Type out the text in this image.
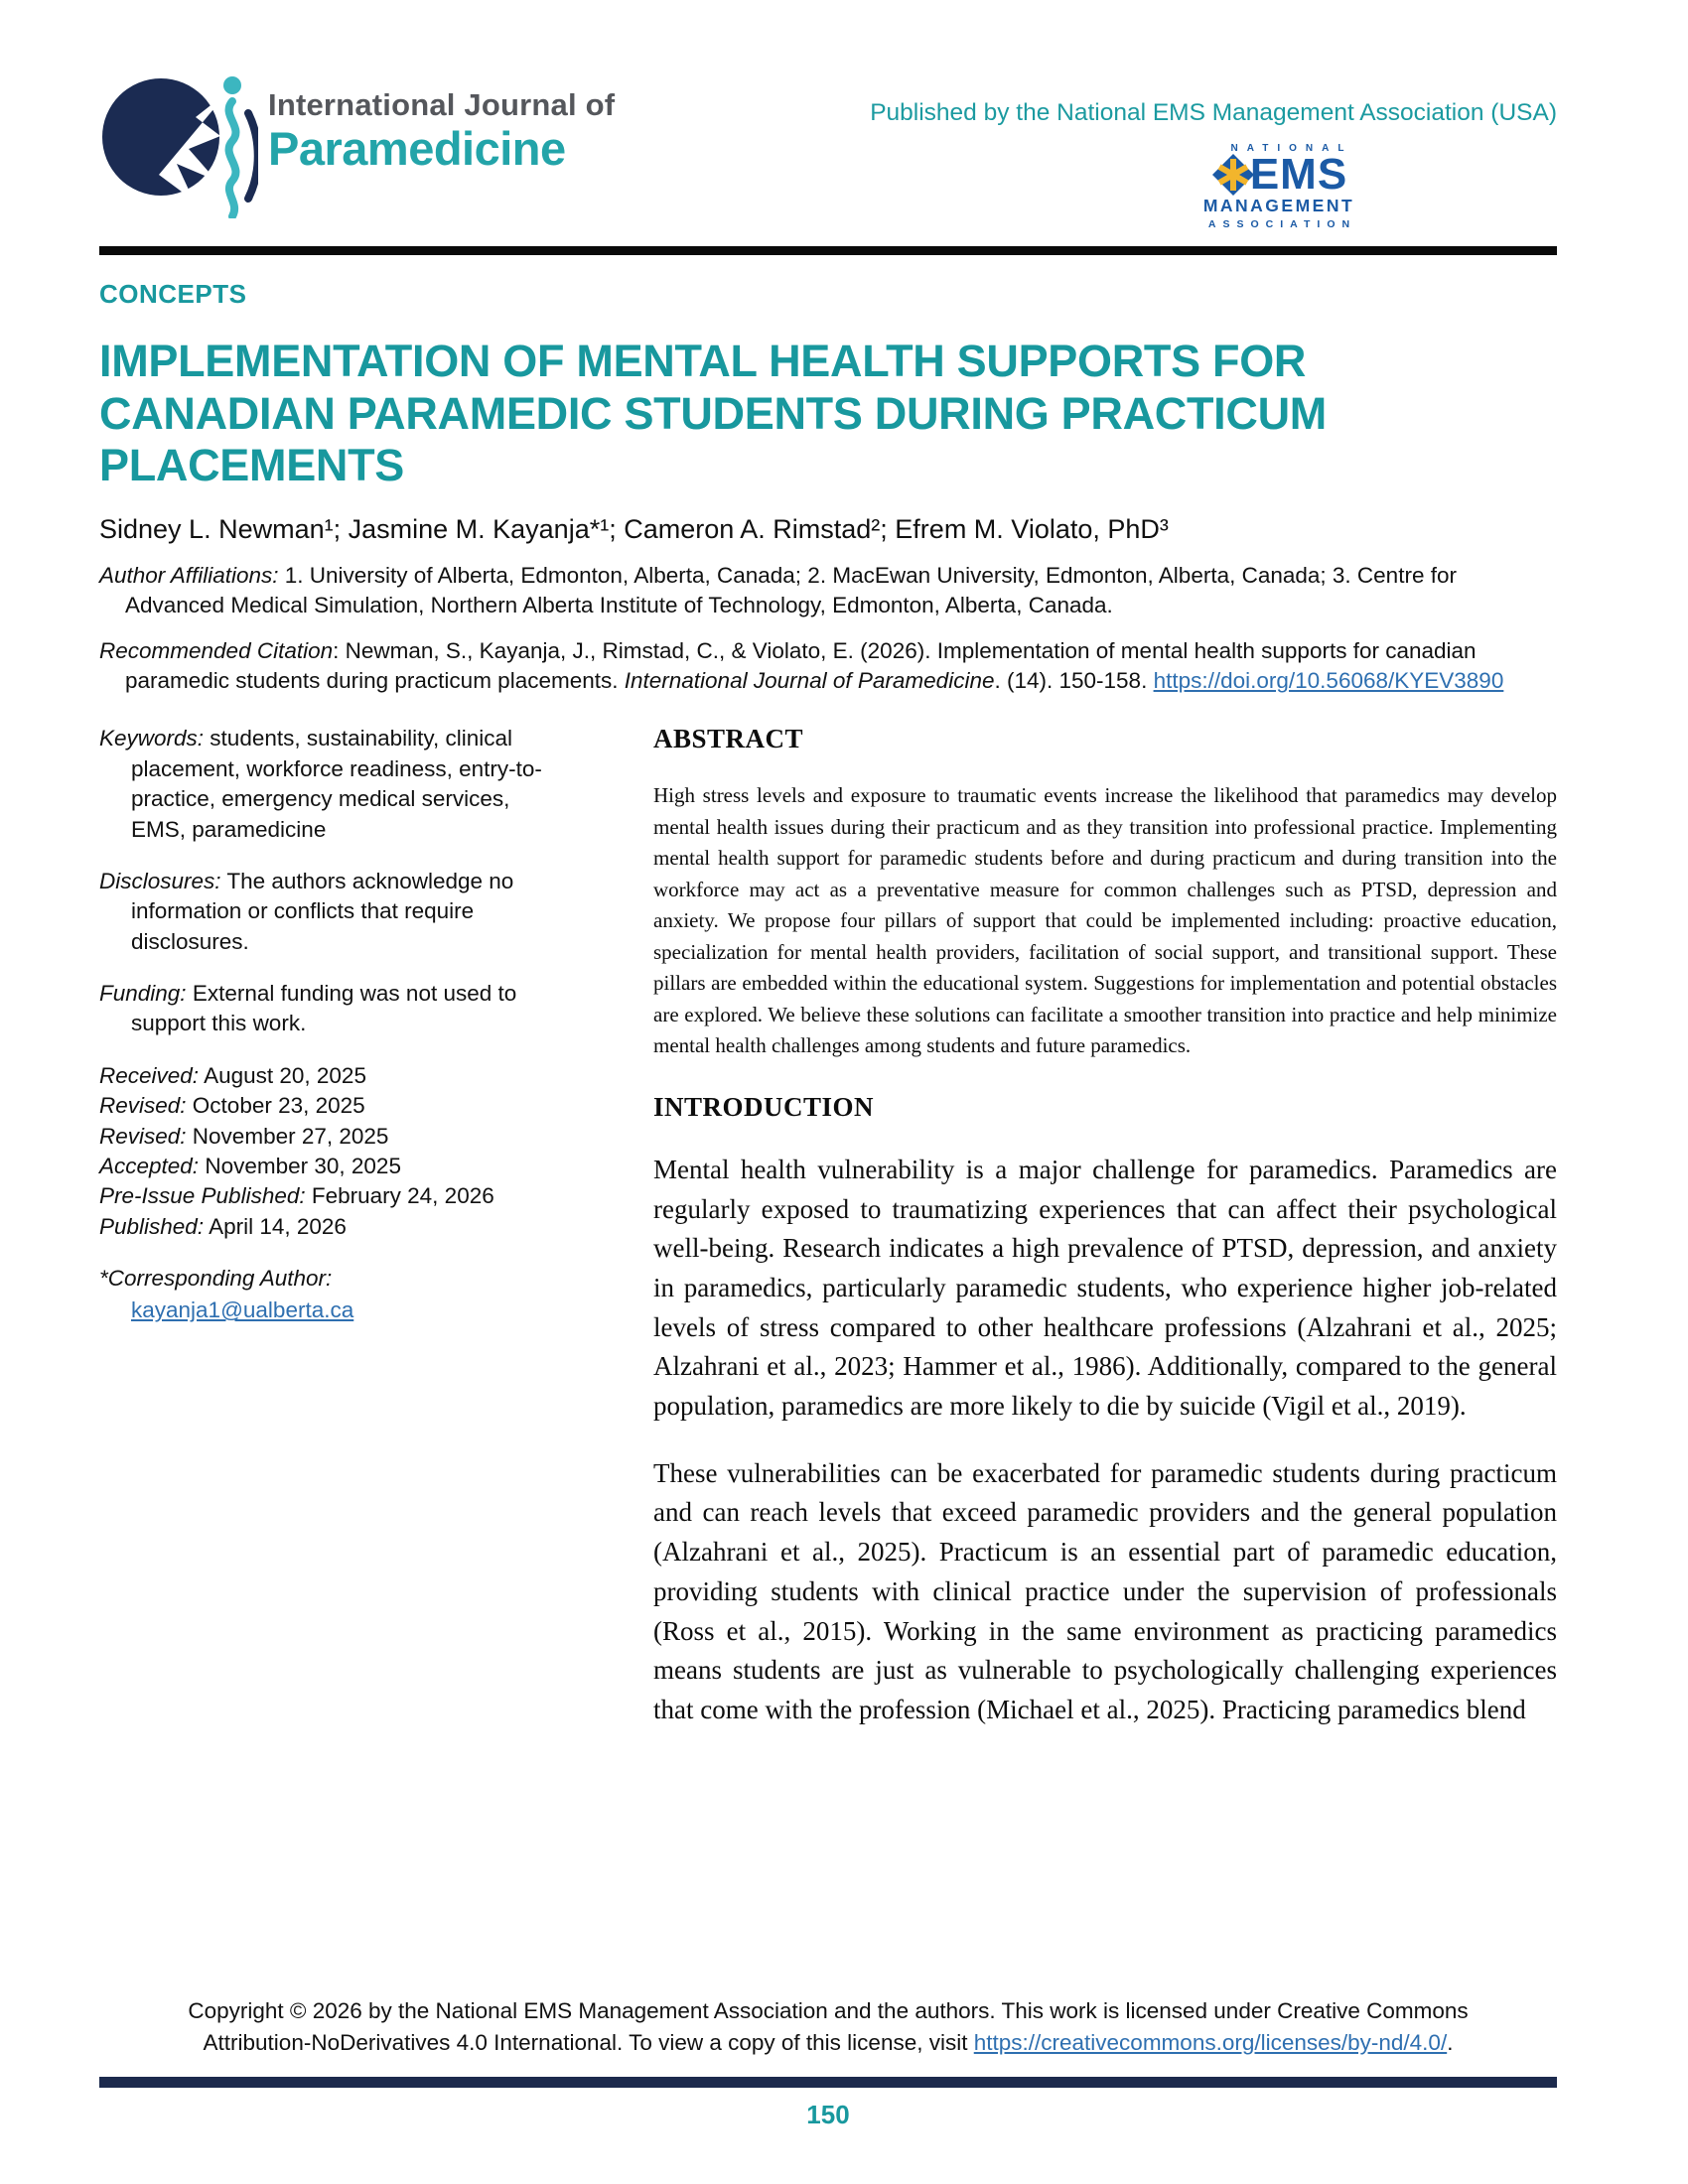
International Journal of
Paramedicine
Published by the National EMS Management Association (USA)
NATIONAL
EMS
MANAGEMENT
ASSOCIATION
CONCEPTS
IMPLEMENTATION OF MENTAL HEALTH SUPPORTS FOR CANADIAN PARAMEDIC STUDENTS DURING PRACTICUM PLACEMENTS
Sidney L. Newman¹; Jasmine M. Kayanja*¹; Cameron A. Rimstad²; Efrem M. Violato, PhD³
Author Affiliations: 1. University of Alberta, Edmonton, Alberta, Canada; 2. MacEwan University, Edmonton, Alberta, Canada; 3. Centre for Advanced Medical Simulation, Northern Alberta Institute of Technology, Edmonton, Alberta, Canada.
Recommended Citation: Newman, S., Kayanja, J., Rimstad, C., & Violato, E. (2026). Implementation of mental health supports for canadian paramedic students during practicum placements. International Journal of Paramedicine. (14). 150-158. https://doi.org/10.56068/KYEV3890
Keywords: students, sustainability, clinical placement, workforce readiness, entry-to-practice, emergency medical services, EMS, paramedicine
Disclosures: The authors acknowledge no information or conflicts that require disclosures.
Funding: External funding was not used to support this work.
Received: August 20, 2025
Revised: October 23, 2025
Revised: November 27, 2025
Accepted: November 30, 2025
Pre-Issue Published: February 24, 2026
Published: April 14, 2026
*Corresponding Author:
kayanja1@ualberta.ca
ABSTRACT
High stress levels and exposure to traumatic events increase the likelihood that paramedics may develop mental health issues during their practicum and as they transition into professional practice. Implementing mental health support for paramedic students before and during practicum and during transition into the workforce may act as a preventative measure for common challenges such as PTSD, depression and anxiety. We propose four pillars of support that could be implemented including: proactive education, specialization for mental health providers, facilitation of social support, and transitional support. These pillars are embedded within the educational system. Suggestions for implementation and potential obstacles are explored. We believe these solutions can facilitate a smoother transition into practice and help minimize mental health challenges among students and future paramedics.
INTRODUCTION
Mental health vulnerability is a major challenge for paramedics. Paramedics are regularly exposed to traumatizing experiences that can affect their psychological well-being. Research indicates a high prevalence of PTSD, depression, and anxiety in paramedics, particularly paramedic students, who experience higher job-related levels of stress compared to other healthcare professions (Alzahrani et al., 2025; Alzahrani et al., 2023; Hammer et al., 1986). Additionally, compared to the general population, paramedics are more likely to die by suicide (Vigil et al., 2019).
These vulnerabilities can be exacerbated for paramedic students during practicum and can reach levels that exceed paramedic providers and the general population (Alzahrani et al., 2025). Practicum is an essential part of paramedic education, providing students with clinical practice under the supervision of professionals (Ross et al., 2015). Working in the same environment as practicing paramedics means students are just as vulnerable to psychologically challenging experiences that come with the profession (Michael et al., 2025). Practicing paramedics blend
Copyright © 2026 by the National EMS Management Association and the authors. This work is licensed under Creative Commons
Attribution-NoDerivatives 4.0 International. To view a copy of this license, visit https://creativecommons.org/licenses/by-nd/4.0/.
150
